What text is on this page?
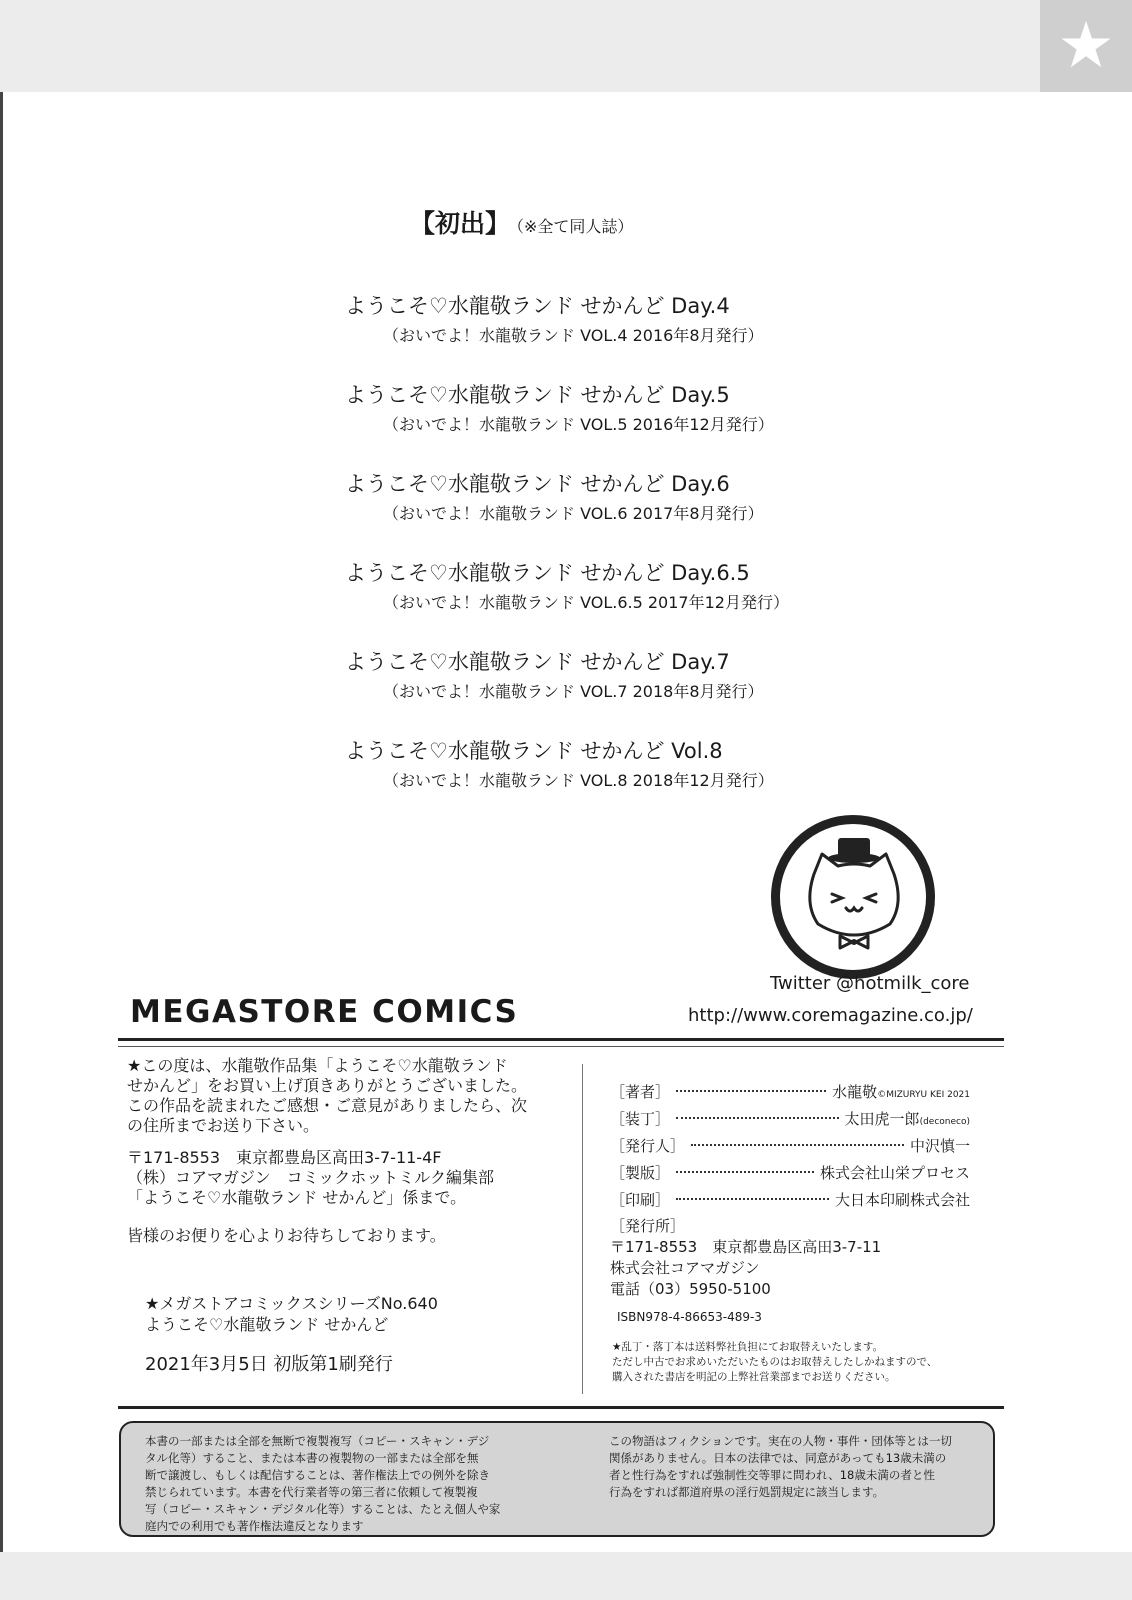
★
【初出】 （※全て同人誌）
ようこそ♡水龍敬ランド せかんど Day.4
（おいでよ！水龍敬ランド VOL.4 2016年8月発行）
ようこそ♡水龍敬ランド せかんど Day.5
（おいでよ！水龍敬ランド VOL.5 2016年12月発行）
ようこそ♡水龍敬ランド せかんど Day.6
（おいでよ！水龍敬ランド VOL.6 2017年8月発行）
ようこそ♡水龍敬ランド せかんど Day.6.5
（おいでよ！水龍敬ランド VOL.6.5 2017年12月発行）
ようこそ♡水龍敬ランド せかんど Day.7
（おいでよ！水龍敬ランド VOL.7 2018年8月発行）
ようこそ♡水龍敬ランド せかんど Vol.8
（おいでよ！水龍敬ランド VOL.8 2018年12月発行）
Twitter @hotmilk_core
http://www.coremagazine.co.jp/
MEGASTORE COMICS

★この度は、水龍敬作品集「ようこそ♡水龍敬ランド
せかんど」をお買い上げ頂きありがとうございました。
この作品を読まれたご感想・ご意見がありましたら、次
の住所までお送り下さい。

〒171-8553　東京都豊島区高田3-7-11-4F
（株）コアマガジン　コミックホットミルク編集部
「ようこそ♡水龍敬ランド せかんど」係まで。

皆様のお便りを心よりお待ちしております。

★メガストアコミックスシリーズNo.640
ようこそ♡水龍敬ランド せかんど
2021年3月5日 初版第1刷発行
［著者］	水龍敬©MIZURYU KEI 2021
［装丁］	太田虎一郎(deconeco)
［発行人］	中沢慎一
［製版］	株式会社山栄プロセス
［印刷］	大日本印刷株式会社

［発行所］

〒171-8553　東京都豊島区高田3-7-11

株式会社コアマガジン

電話（03）5950-5100

ISBN978-4-86653-489-3

★乱丁・落丁本は送料弊社負担にてお取替えいたします。

ただし中古でお求めいただいたものはお取替えしたしかねますので、

購入された書店を明記の上弊社営業部までお送りください。

本書の一部または全部を無断で複製複写（コピー・スキャン・デジ

タル化等）すること、または本書の複製物の一部または全部を無

断で譲渡し、もしくは配信することは、著作権法上での例外を除き

禁じられています。本書を代行業者等の第三者に依頼して複製複

写（コピー・スキャン・デジタル化等）することは、たとえ個人や家

庭内での利用でも著作権法違反となります

この物語はフィクションです。実在の人物・事件・団体等とは一切

関係がありません。日本の法律では、同意があっても13歳未満の

者と性行為をすれば強制性交等罪に問われ、18歳未満の者と性

行為をすれば都道府県の淫行処罰規定に該当します。
